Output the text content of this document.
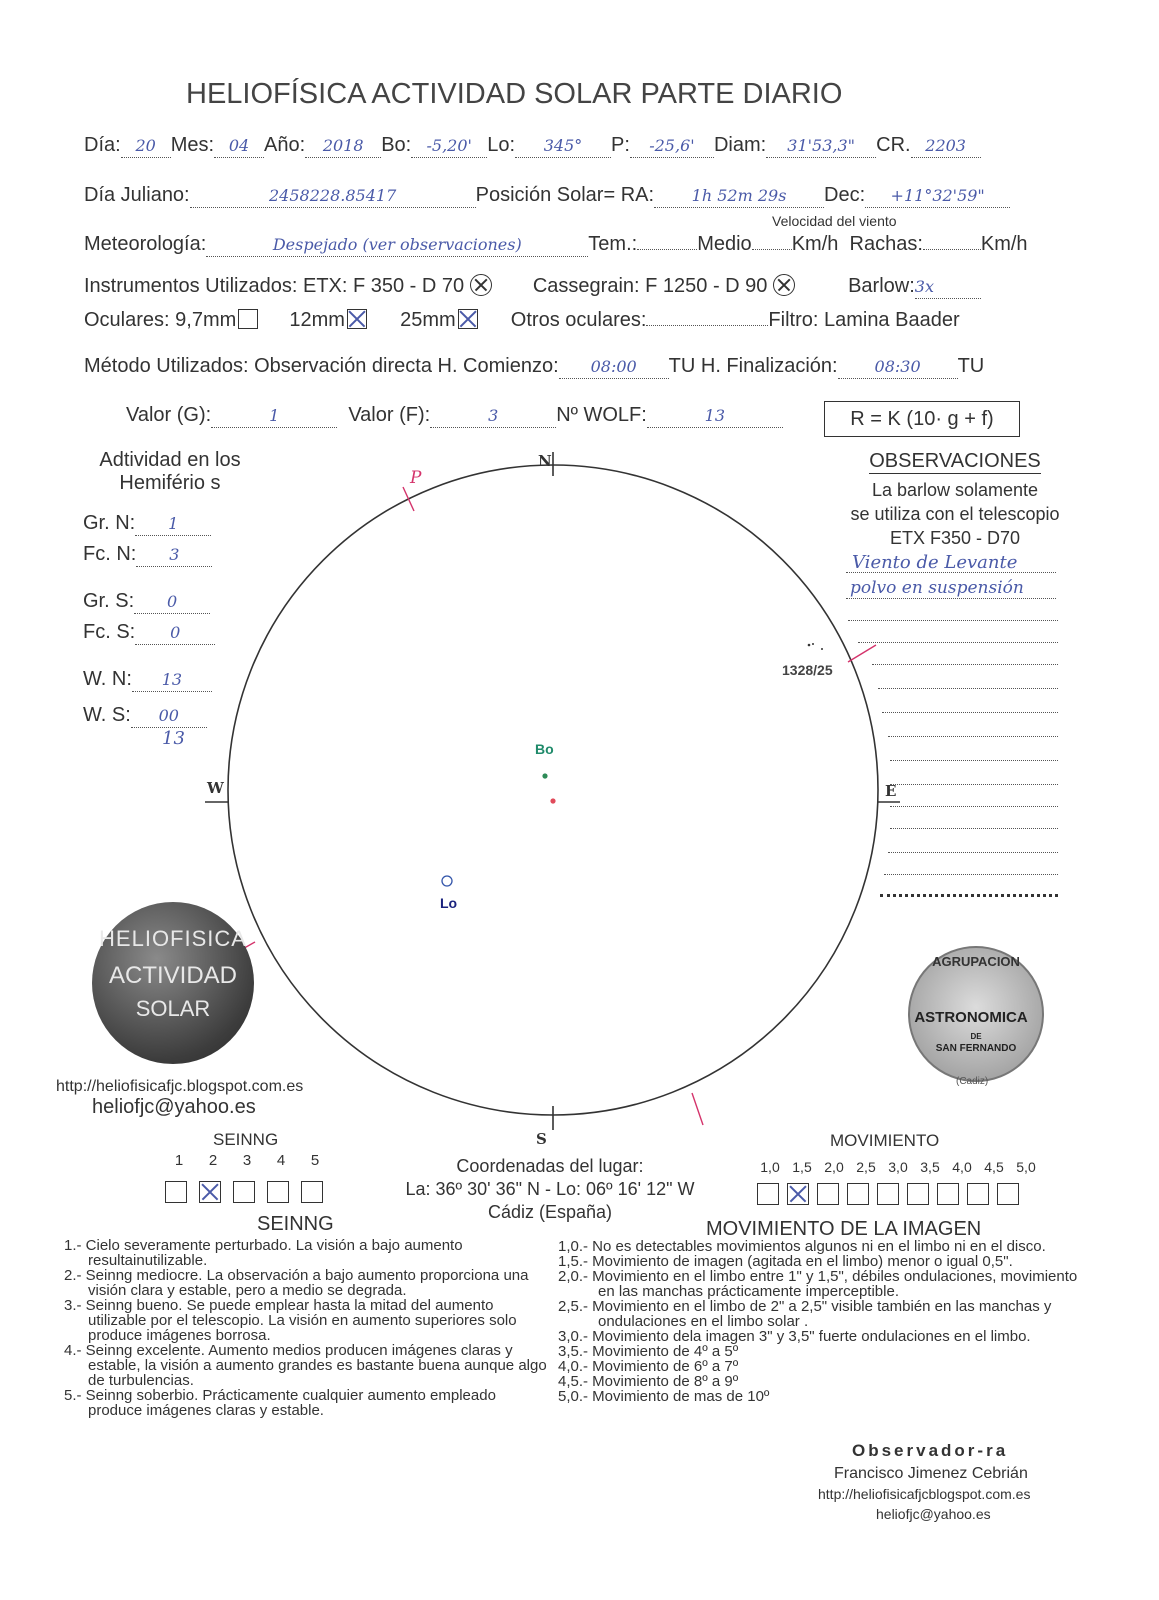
HELIOFÍSICA ACTIVIDAD SOLAR PARTE DIARIO
Día: 20 Mes: 04 Año: 2018 Bo: -5,20' Lo: 345° P: -25,6' Diam: 31'53,3" CR. 2203
Día Juliano:	2458228.85417	Posición Solar= RA: 1h 52m 29s Dec: +11°32'59"
Velocidad del viento
Meteorología:	Despejado (ver observaciones)	Tem.:	Medio Km/h Rachas:	Km/h
Instrumentos Utilizados: ETX: F 350 - D 70	Cassegrain: F 1250 - D 90	Barlow:3x
Oculares: 9,7mm	12mm	25mm	Otros oculares:	Filtro: Lamina Baader
Método Utilizados: Observación directa H. Comienzo: 08:00 TU H. Finalización: 08:30 TU
Valor (G):	1	Valor (F):	3	Nº WOLF:	13	R = K (10· g + f)
Adtividad en los
Hemifério s
Gr. N: 1
Fc. N: 3
Gr. S: 0
Fc. S: 0
W. N: 13
W. S: 00
13
OBSERVACIONES
La barlow solamente
se utiliza con el telescopio
ETX F350 - D70
Viento de Levante
polvo en suspensión
N
S
W	E
P
1328/25
Bo
Lo
HELIOFISICA
ACTIVIDAD
SOLAR
http://heliofisicafjc.blogspot.com.es
heliofjc@yahoo.es
AGRUPACION
ASTRONOMICA
DE
SAN FERNANDO
(Cadiz)
SEINNG
1 2 3 4 5	Coordenadas del lugar:
La: 36º 30' 36" N - Lo: 06º 16' 12" W
Cádiz (España)
MOVIMIENTO
1,0 1,5 2,0 2,5 3,0 3,5 4,0 4,5 5,0
SEINNG
1.- Cielo severamente perturbado. La visión a bajo aumento resultainutilizable.
2.- Seinng mediocre. La observación a bajo aumento proporciona una visión clara y estable, pero a medio se degrada.
3.- Seinng bueno. Se puede emplear hasta la mitad del aumento utilizable por el telescopio. La visión en aumento superiores solo produce imágenes borrosa.
4.- Seinng excelente. Aumento medios producen imágenes claras y estable, la visión a aumento grandes es bastante buena aunque algo de turbulencias.
5.- Seinng soberbio. Prácticamente cualquier aumento empleado produce imágenes claras y estable.
MOVIMIENTO DE LA IMAGEN
1,0.- No es detectables movimientos algunos ni en el limbo ni en el disco.
1,5.- Movimiento de imagen (agitada en el limbo) menor o igual 0,5".
2,0.- Movimiento en el limbo entre 1" y 1,5", débiles ondulaciones, movimiento en las manchas prácticamente imperceptible.
2,5.- Movimiento en el limbo de 2" a 2,5" visible también en las manchas y ondulaciones en el limbo solar .
3,0.- Movimiento dela imagen 3" y 3,5" fuerte ondulaciones en el limbo.
3,5.- Movimiento de 4º a 5º
4,0.- Movimiento de 6º a 7º
4,5.- Movimiento de 8º a 9º
5,0.- Movimiento de mas de 10º
Observador-ra
Francisco Jimenez Cebrián
http://heliofisicafjcblogspot.com.es
heliofjc@yahoo.es
